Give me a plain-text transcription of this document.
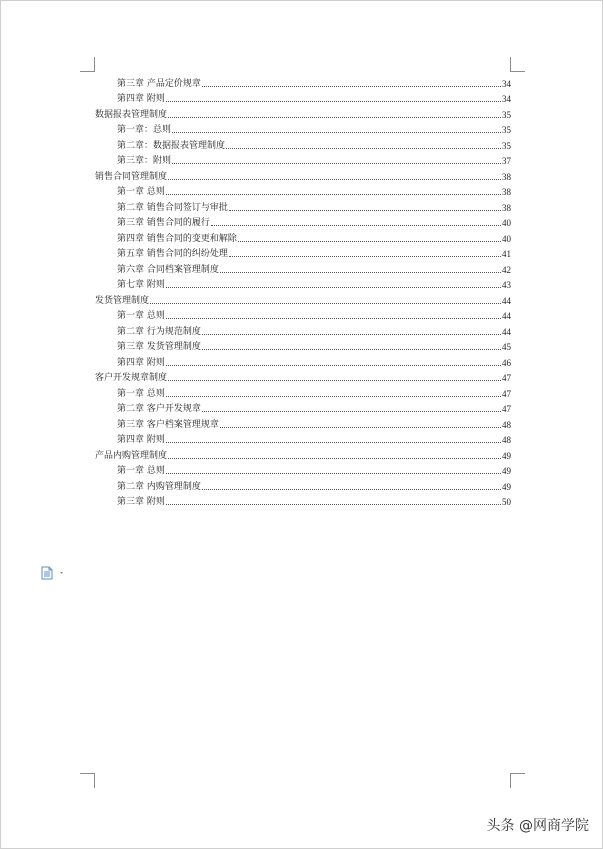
第三章 产品定价规章	34
第四章 附则	34
数据报表管理制度	35
第一章：总则	35
第二章：数据报表管理制度	35
第三章：附则	37
销售合同管理制度	38
第一章 总则	38
第二章 销售合同签订与审批	38
第三章 销售合同的履行	40
第四章 销售合同的变更和解除	40
第五章 销售合同的纠纷处理	41
第六章 合同档案管理制度	42
第七章 附则	43
发货管理制度	44
第一章 总则	44
第二章 行为规范制度	44
第三章 发货管理制度	45
第四章 附则	46
客户开发规章制度	47
第一章 总则	47
第二章 客户开发规章	47
第三章 客户档案管理规章	48
第四章 附则	48
产品内购管理制度	49
第一章 总则	49
第二章 内购管理制度	49
第三章 附则	50
头条 @网商学院
